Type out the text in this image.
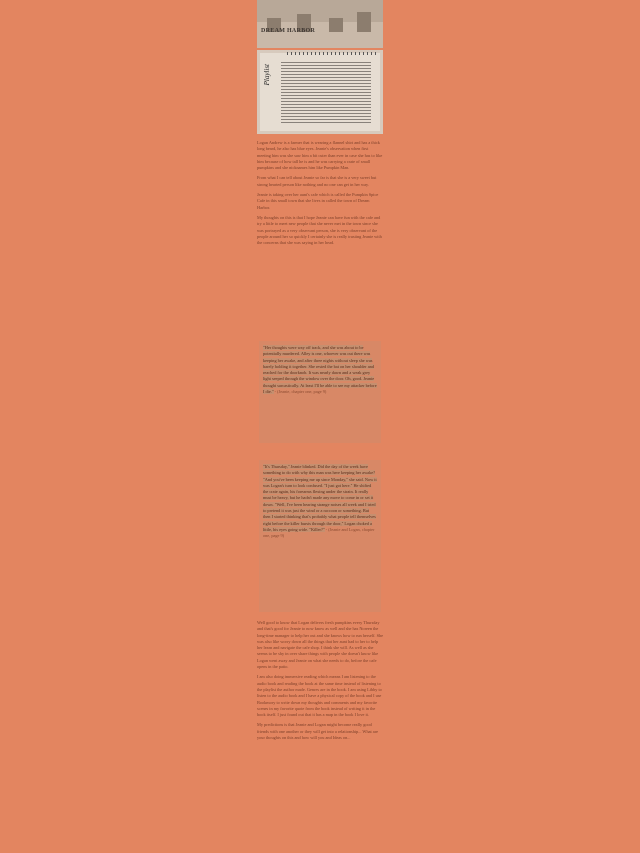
DREAM HARBOR
Playlist

Logan Andrew is a farmer that is wearing a flannel shirt and has a thick long beard, he also has blue eyes. Jeanie's observation when first meeting him was she saw him a bit cuter than ever in case she has to like him because of how tall he is and he was carrying a crate of small pumpkins and she nicknames him like Pumpkin Man.

From what I can tell about Jeanie so far is that she is a very sweet but strong hearted person like nothing and no one can get in her way.

Jeanie is taking over her aunt's cafe which is called the Pumpkin Spice Cafe in this small town that she lives in called the town of Dream Harbor.

My thoughts on this is that I hope Jeanie can have fun with the cafe and try a little to meet new people that she never met in the town since she was portrayed as a very observant person, she is very observant of the people around her so quickly I certainly she is really trusting Jeanie with the concerns that she was saying in her head.

"Her thoughts were way off track, and she was about to be potentially murdered. Alley is one, whoever was out there was keeping her awake, and after three nights without sleep she was barely holding it together. She rested the bat on her shoulder and reached for the doorknob. It was nearly dawn and a weak grey light seeped through the window over the door. Oh, good. Jeanie thought sarcastically. At least I'll be able to see my attacker before I die." - (Jeanie, chapter one, page 9)
"It's Thursday," Jeanie blinked. Did the day of the week have something to do with why this man was here keeping her awake? "And you've been keeping me up since Monday," she said. Now it was Logan's turn to look confused. "I just got here." He shifted the crate again, his forearms flexing under the strain. It really must be heavy, but he hadn't made any move to come in or set it down. "Well, I've been hearing strange noises all week and I tried to pretend it was just the wind or a raccoon or something. But then I started thinking that's probably what people tell themselves right before the killer bursts through the door," Logan choked a little, his eyes going wide. "Killer?" - (Jeanie and Logan, chapter one, page 9)

Well good to know that Logan delivers fresh pumpkins every Thursday and that's good for Jeanie to now know as well and she has Noreen the long-time manager to help her out and she knows how to run herself. She was also like worry down all the things that her aunt had to her to help her learn and navigate the cafe shop. I think she will. As well as she seems to be shy in over share things with people she doesn't know like Logan went away and Jeanie on what she needs to do, before the cafe opens in the patio.

I am also doing immersive reading which means I am listening to the audio book and reading the book at the same time instead of listening to the playlist the author made. Genres are in the book. I am using Libby to listen to the audio book and I have a physical copy of the book and I use Bookmory to write down my thoughts and comments and my favorite scenes in my favorite quote from the book instead of writing it in the book itself. I just found out that it has a map in the book I love it.

My predictions is that Jeanie and Logan might become really good friends with one another or they will get into a relationship... What are your thoughts on this and how will you and Ideas on...
